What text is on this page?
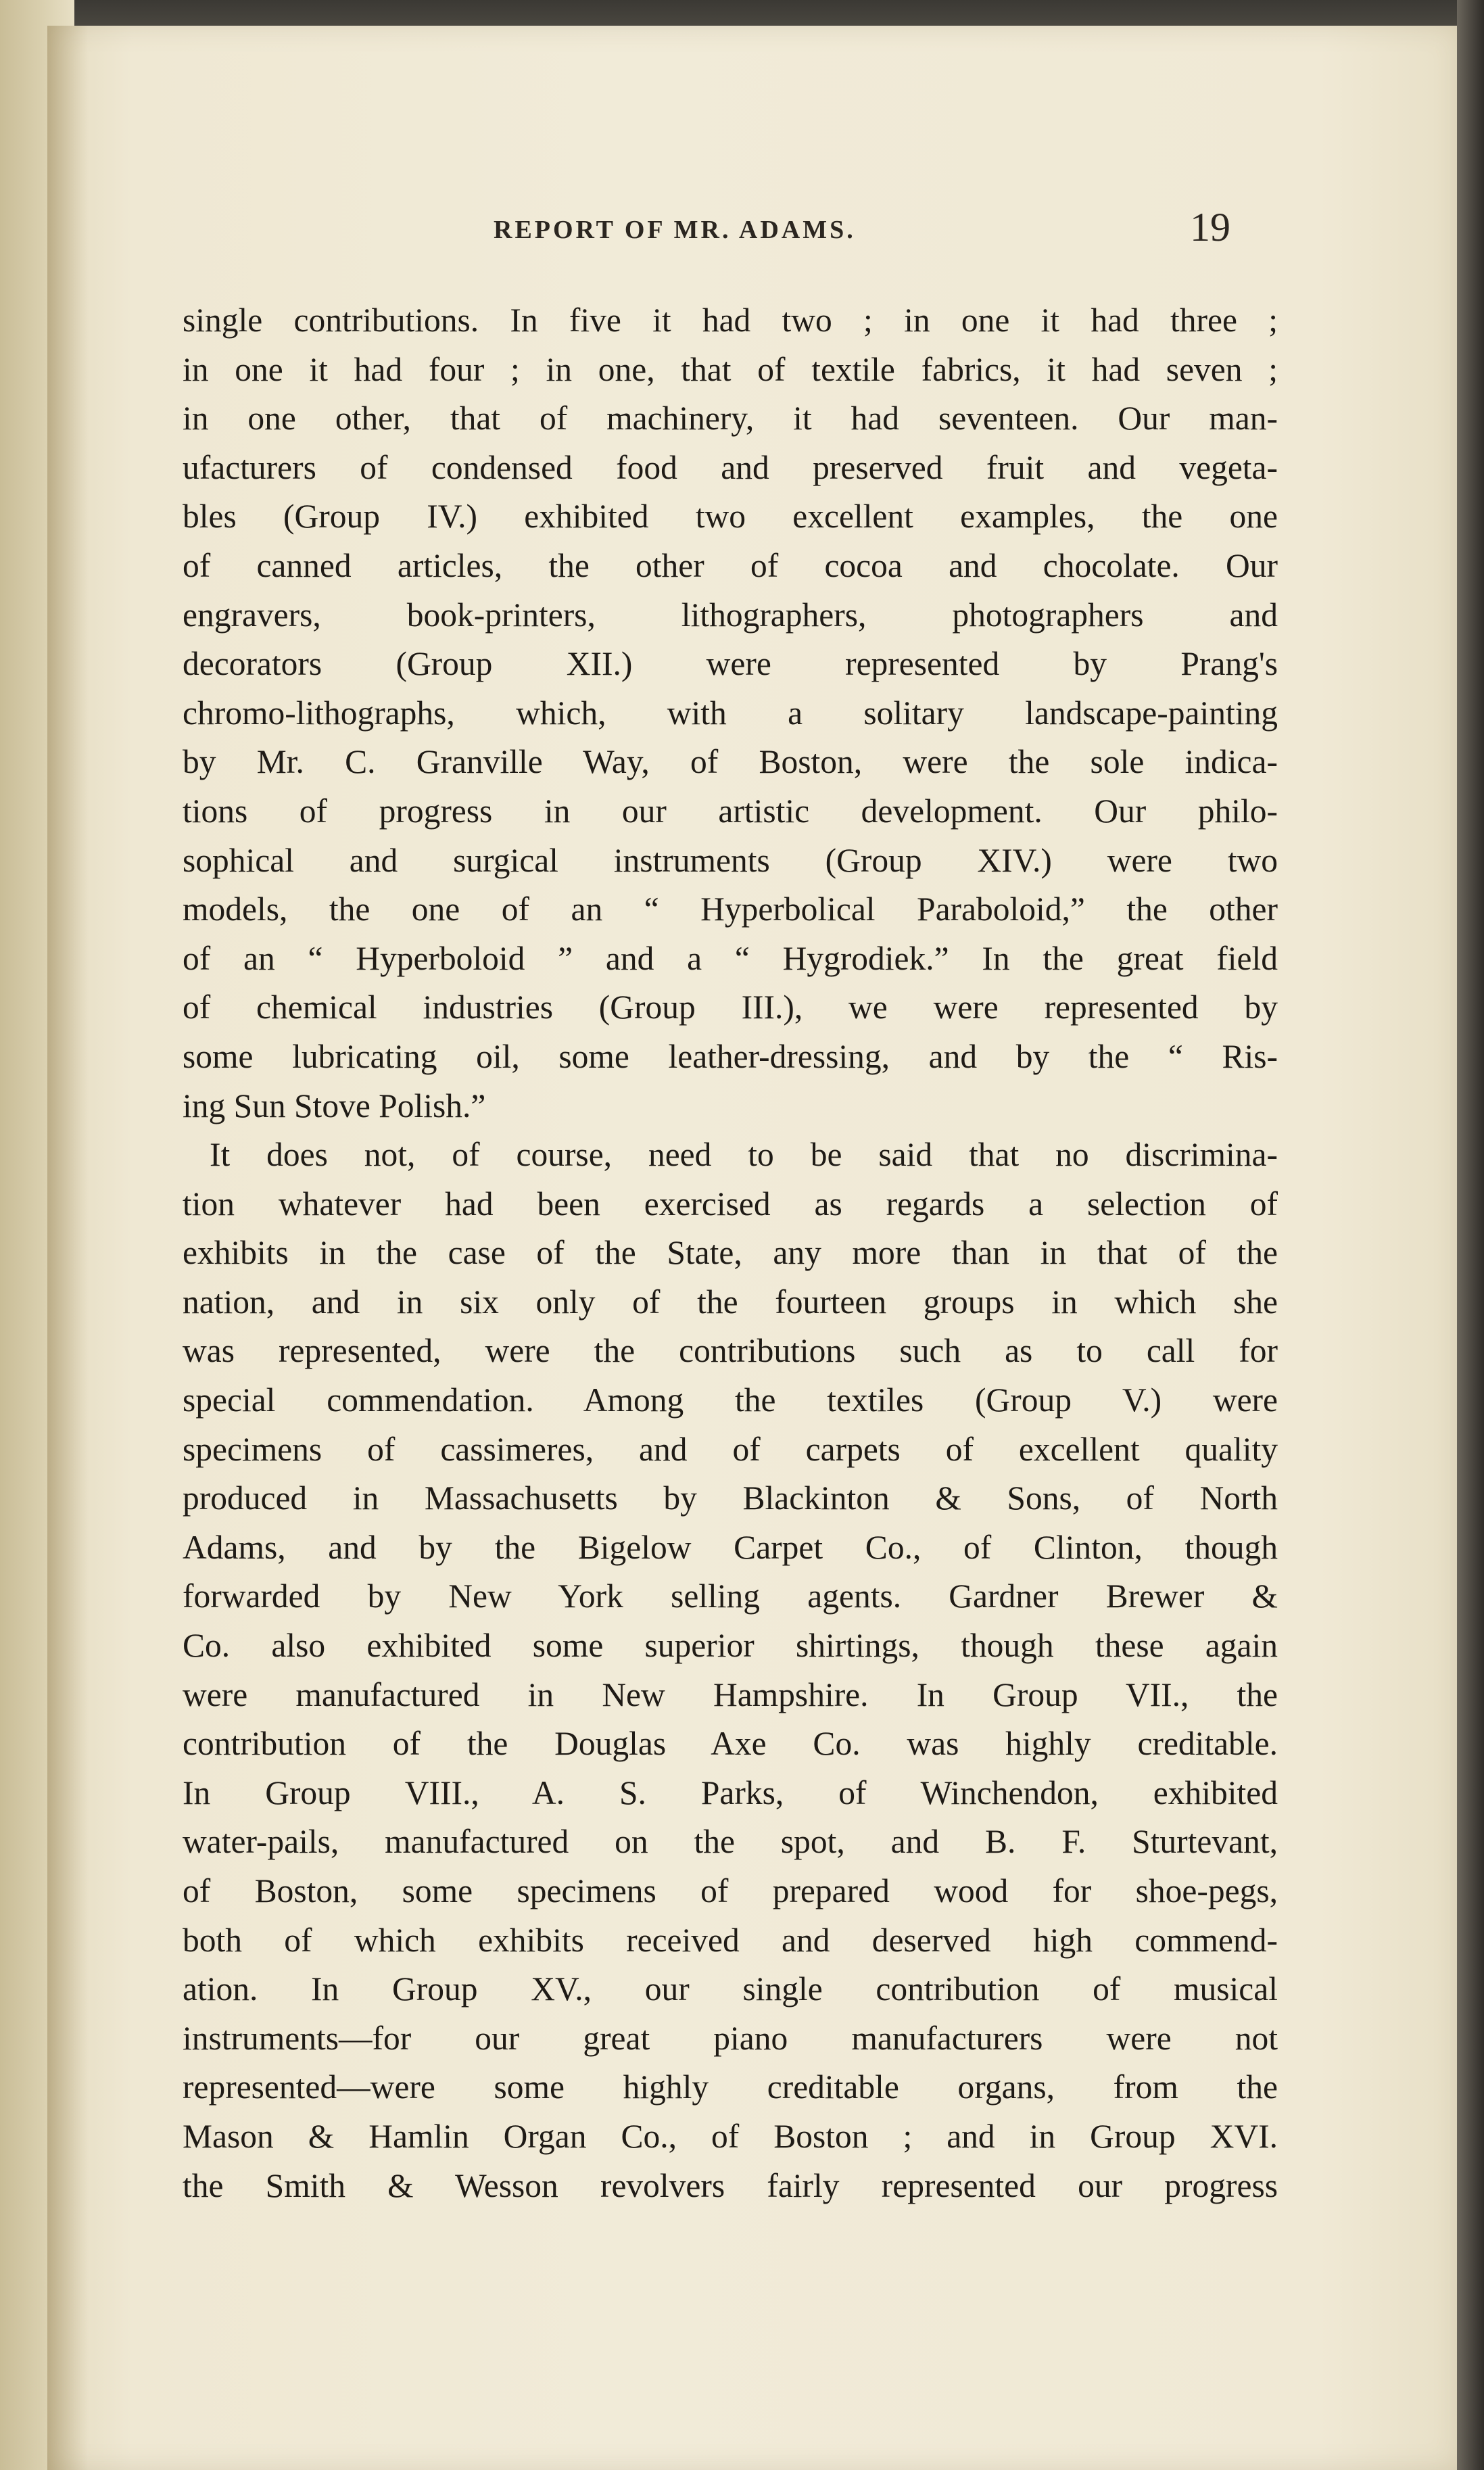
REPORT OF MR. ADAMS.	19
single contributions. In five it had two ; in one it had three ;
in one it had four ; in one, that of textile fabrics, it had seven ;
in one other, that of machinery, it had seventeen. Our man-
ufacturers of condensed food and preserved fruit and vegeta-
bles (Group IV.) exhibited two excellent examples, the one
of canned articles, the other of cocoa and chocolate. Our
engravers, book-printers, lithographers, photographers and
decorators (Group XII.) were represented by Prang's
chromo-lithographs, which, with a solitary landscape-painting
by Mr. C. Granville Way, of Boston, were the sole indica-
tions of progress in our artistic development. Our philo-
sophical and surgical instruments (Group XIV.) were two
models, the one of an “ Hyperbolical Paraboloid,” the other
of an “ Hyperboloid ” and a “ Hygrodiek.” In the great field
of chemical industries (Group III.), we were represented by
some lubricating oil, some leather-dressing, and by the “ Ris-
ing Sun Stove Polish.”
It does not, of course, need to be said that no discrimina-
tion whatever had been exercised as regards a selection of
exhibits in the case of the State, any more than in that of the
nation, and in six only of the fourteen groups in which she
was represented, were the contributions such as to call for
special commendation. Among the textiles (Group V.) were
specimens of cassimeres, and of carpets of excellent quality
produced in Massachusetts by Blackinton & Sons, of North
Adams, and by the Bigelow Carpet Co., of Clinton, though
forwarded by New York selling agents. Gardner Brewer &
Co. also exhibited some superior shirtings, though these again
were manufactured in New Hampshire. In Group VII., the
contribution of the Douglas Axe Co. was highly creditable.
In Group VIII., A. S. Parks, of Winchendon, exhibited
water-pails, manufactured on the spot, and B. F. Sturtevant,
of Boston, some specimens of prepared wood for shoe-pegs,
both of which exhibits received and deserved high commend-
ation. In Group XV., our single contribution of musical
instruments—for our great piano manufacturers were not
represented—were some highly creditable organs, from the
Mason & Hamlin Organ Co., of Boston ; and in Group XVI.
the Smith & Wesson revolvers fairly represented our progress
